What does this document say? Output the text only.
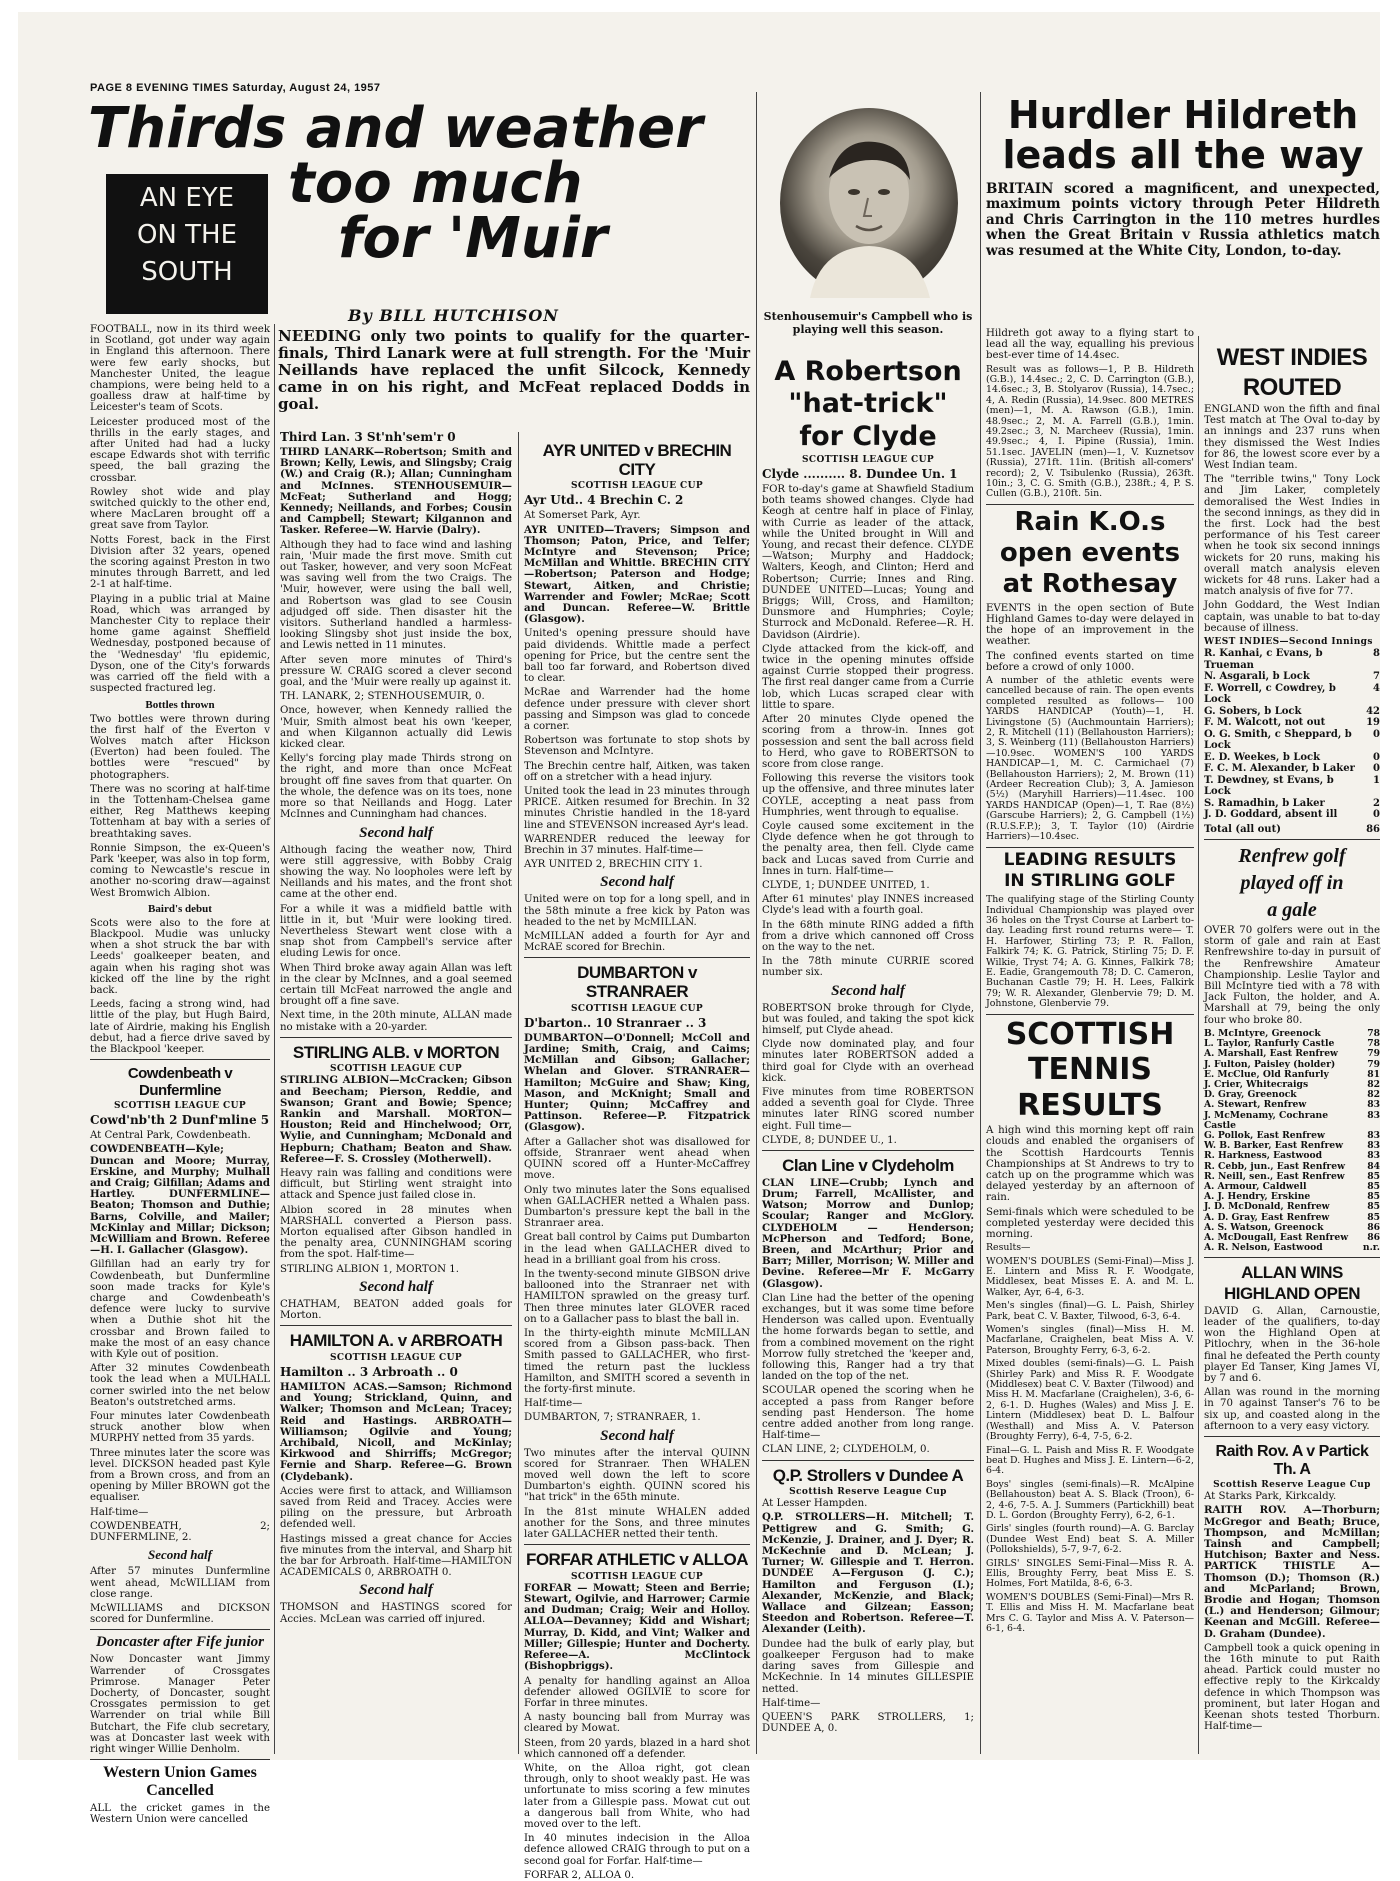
PAGE 8 EVENING TIMES Saturday, August 24, 1957
Thirds and weather
too much
for 'Muir
AN EYE
ON THE
SOUTH
By BILL HUTCHISON

NEEDING only two points to qualify for the quarter-finals, Third Lanark were at full strength. For the 'Muir Neillands have replaced the unfit Silcock, Kennedy came in on his right, and McFeat replaced Dodds in goal.

FOOTBALL, now in its third week in Scotland, got under way again in England this afternoon. There were few early shocks, but Manchester United, the league champions, were being held to a goalless draw at half-time by Leicester's team of Scots.

Leicester produced most of the thrills in the early stages, and after United had had a lucky escape Edwards shot with terrific speed, the ball grazing the crossbar.

Rowley shot wide and play switched quickly to the other end, where MacLaren brought off a great save from Taylor.

Notts Forest, back in the First Division after 32 years, opened the scoring against Preston in two minutes through Barrett, and led 2-1 at half-time.

Playing in a public trial at Maine Road, which was arranged by Manchester City to replace their home game against Sheffield Wednesday, postponed because of the 'Wednesday' 'flu epidemic, Dyson, one of the City's forwards was carried off the field with a suspected fractured leg.

Bottles thrown

Two bottles were thrown during the first half of the Everton v Wolves match after Hickson (Everton) had been fouled. The bottles were "rescued" by photographers.

There was no scoring at half-time in the Tottenham-Chelsea game either, Reg Matthews keeping Tottenham at bay with a series of breathtaking saves.

Ronnie Simpson, the ex-Queen's Park 'keeper, was also in top form, coming to Newcastle's rescue in another no-scoring draw—against West Bromwich Albion.

Baird's debut

Scots were also to the fore at Blackpool. Mudie was unlucky when a shot struck the bar with Leeds' goalkeeper beaten, and again when his raging shot was kicked off the line by the right back.

Leeds, facing a strong wind, had little of the play, but Hugh Baird, late of Airdrie, making his English debut, had a fierce drive saved by the Blackpool 'keeper.

Cowdenbeath v Dunfermline
SCOTTISH LEAGUE CUP
Cowd'nb'th 2 Dunf'mline 5

At Central Park, Cowdenbeath.

COWDENBEATH—Kyle; Duncan and Moore; Murray, Erskine, and Murphy; Mulhall and Craig; Gilfillan; Adams and Hartley. DUNFERMLINE—Beaton; Thomson and Duthie; Barns, Colville, and Mailer; McKinlay and Millar; Dickson; McWilliam and Brown. Referee—H. I. Gallacher (Glasgow).

Gilfillan had an early try for Cowdenbeath, but Dunfermline soon made tracks for Kyle's charge and Cowdenbeath's defence were lucky to survive when a Duthie shot hit the crossbar and Brown failed to make the most of an easy chance with Kyle out of position.

After 32 minutes Cowdenbeath took the lead when a MULHALL corner swirled into the net below Beaton's outstretched arms.

Four minutes later Cowdenbeath struck another blow when MURPHY netted from 35 yards.

Three minutes later the score was level. DICKSON headed past Kyle from a Brown cross, and from an opening by Miller BROWN got the equaliser.

Half-time—

COWDENBEATH, 2; DUNFERMLINE, 2.

Second half

After 57 minutes Dunfermline went ahead, McWILLIAM from close range.

McWILLIAMS and DICKSON scored for Dunfermline.

Doncaster after Fife junior

Now Doncaster want Jimmy Warrender of Crossgates Primrose. Manager Peter Docherty, of Doncaster, sought Crossgates permission to get Warrender on trial while Bill Butchart, the Fife club secretary, was at Doncaster last week with right winger Willie Denholm.

Western Union Games Cancelled

ALL the cricket games in the Western Union were cancelled

Third Lan. 3 St'nh'sem'r 0

THIRD LANARK—Robertson; Smith and Brown; Kelly, Lewis, and Slingsby; Craig (W.) and Craig (R.); Allan; Cunningham and McInnes. STENHOUSEMUIR—McFeat; Sutherland and Hogg; Kennedy; Neillands, and Forbes; Cousin and Campbell; Stewart; Kilgannon and Tasker. Referee—W. Harvie (Dalry).

Although they had to face wind and lashing rain, 'Muir made the first move. Smith cut out Tasker, however, and very soon McFeat was saving well from the two Craigs. The 'Muir, however, were using the ball well, and Robertson was glad to see Cousin adjudged off side. Then disaster hit the visitors. Sutherland handled a harmless-looking Slingsby shot just inside the box, and Lewis netted in 11 minutes.

After seven more minutes of Third's pressure W. CRAIG scored a clever second goal, and the 'Muir were really up against it.

TH. LANARK, 2; STENHOUSEMUIR, 0.

Once, however, when Kennedy rallied the 'Muir, Smith almost beat his own 'keeper, and when Kilgannon actually did Lewis kicked clear.

Kelly's forcing play made Thirds strong on the right, and more than once McFeat brought off fine saves from that quarter. On the whole, the defence was on its toes, none more so that Neillands and Hogg. Later McInnes and Cunningham had chances.

Second half

Although facing the weather now, Third were still aggressive, with Bobby Craig showing the way. No loopholes were left by Neillands and his mates, and the front shot came at the other end.

For a while it was a midfield battle with little in it, but 'Muir were looking tired. Nevertheless Stewart went close with a snap shot from Campbell's service after eluding Lewis for once.

When Third broke away again Allan was left in the clear by McInnes, and a goal seemed certain till McFeat narrowed the angle and brought off a fine save.

Next time, in the 20th minute, ALLAN made no mistake with a 20-yarder.

STIRLING ALB. v MORTON
SCOTTISH LEAGUE CUP

STIRLING ALBION—McCracken; Gibson and Beecham; Pierson, Reddie, and Swanson; Grant and Bowie; Spence; Rankin and Marshall. MORTON—Houston; Reid and Hinchelwood; Orr, Wylie, and Cunningham; McDonald and Hepburn; Chatham; Beaton and Shaw. Referee—F. S. Crossley (Motherwell).

Heavy rain was falling and conditions were difficult, but Stirling went straight into attack and Spence just failed close in.

Albion scored in 28 minutes when MARSHALL converted a Pierson pass. Morton equalised after Gibson handled in the penalty area, CUNNINGHAM scoring from the spot. Half-time—

STIRLING ALBION 1, MORTON 1.

Second half

CHATHAM, BEATON added goals for Morton.

HAMILTON A. v ARBROATH
SCOTTISH LEAGUE CUP
Hamilton .. 3 Arbroath .. 0

HAMILTON ACAS.—Samson; Richmond and Young; Strickland, Quinn, and Walker; Thomson and McLean; Tracey; Reid and Hastings. ARBROATH—Williamson; Ogilvie and Young; Archibald, Nicoll, and McKinlay; Kirkwood and Shirriffs; McGregor; Fernie and Sharp. Referee—G. Brown (Clydebank).

Accies were first to attack, and Williamson saved from Reid and Tracey. Accies were piling on the pressure, but Arbroath defended well.

Hastings missed a great chance for Accies five minutes from the interval, and Sharp hit the bar for Arbroath. Half-time—HAMILTON ACADEMICALS 0, ARBROATH 0.

Second half

THOMSON and HASTINGS scored for Accies. McLean was carried off injured.

AYR UNITED v BRECHIN CITY
SCOTTISH LEAGUE CUP
Ayr Utd.. 4 Brechin C. 2

At Somerset Park, Ayr.

AYR UNITED—Travers; Simpson and Thomson; Paton, Price, and Telfer; McIntyre and Stevenson; Price; McMillan and Whittle. BRECHIN CITY—Robertson; Paterson and Hodge; Stewart, Aitken, and Christie; Warrender and Fowler; McRae; Scott and Duncan. Referee—W. Brittle (Glasgow).

United's opening pressure should have paid dividends. Whittle made a perfect opening for Price, but the centre sent the ball too far forward, and Robertson dived to clear.

McRae and Warrender had the home defence under pressure with clever short passing and Simpson was glad to concede a corner.

Robertson was fortunate to stop shots by Stevenson and McIntyre.

The Brechin centre half, Aitken, was taken off on a stretcher with a head injury.

United took the lead in 23 minutes through PRICE. Aitken resumed for Brechin. In 32 minutes Christie handled in the 18-yard line and STEVENSON increased Ayr's lead.

WARRENDER reduced the leeway for Brechin in 37 minutes. Half-time—

AYR UNITED 2, BRECHIN CITY 1.

Second half

United were on top for a long spell, and in the 58th minute a free kick by Paton was headed to the net by McMILLAN.

McMILLAN added a fourth for Ayr and McRAE scored for Brechin.

DUMBARTON v STRANRAER
SCOTTISH LEAGUE CUP
D'barton.. 10 Stranraer .. 3

DUMBARTON—O'Donnell; McColl and Jardine; Smith, Craig, and Caims; McMillan and Gibson; Gallacher; Whelan and Glover. STRANRAER—Hamilton; McGuire and Shaw; King, Mason, and McKnight; Small and Hunter; Quinn; McCaffrey and Pattinson. Referee—P. Fitzpatrick (Glasgow).

After a Gallacher shot was disallowed for offside, Stranraer went ahead when QUINN scored off a Hunter-McCaffrey move.

Only two minutes later the Sons equalised when GALLACHER netted a Whalen pass. Dumbarton's pressure kept the ball in the Stranraer area.

Great ball control by Caims put Dumbarton in the lead when GALLACHER dived to head in a brilliant goal from his cross.

In the twenty-second minute GIBSON drive ballooned into the Stranraer net with HAMILTON sprawled on the greasy turf. Then three minutes later GLOVER raced on to a Gallacher pass to blast the ball in.

In the thirty-eighth minute McMILLAN scored from a Gibson pass-back. Then Smith passed to GALLACHER, who first-timed the return past the luckless Hamilton, and SMITH scored a seventh in the forty-first minute.

Half-time—

DUMBARTON, 7; STRANRAER, 1.

Second half

Two minutes after the interval QUINN scored for Stranraer. Then WHALEN moved well down the left to score Dumbarton's eighth. QUINN scored his "hat trick" in the 65th minute.

In the 81st minute WHALEN added another for the Sons, and three minutes later GALLACHER netted their tenth.

FORFAR ATHLETIC v ALLOA
SCOTTISH LEAGUE CUP

FORFAR — Mowatt; Steen and Berrie; Stewart, Ogilvie, and Harrower; Carmie and Dudman; Craig; Weir and Holloy. ALLOA—Devanney; Kidd and Wishart; Murray, D. Kidd, and Vint; Walker and Miller; Gillespie; Hunter and Docherty. Referee—A. McClintock (Bishopbriggs).

A penalty for handling against an Alloa defender allowed OGILVIE to score for Forfar in three minutes.

A nasty bouncing ball from Murray was cleared by Mowat.

Steen, from 20 yards, blazed in a hard shot which cannoned off a defender.

White, on the Alloa right, got clean through, only to shoot weakly past. He was unfortunate to miss scoring a few minutes later from a Gillespie pass. Mowat cut out a dangerous ball from White, who had moved over to the left.

In 40 minutes indecision in the Alloa defence allowed CRAIG through to put on a second goal for Forfar. Half-time—

FORFAR 2, ALLOA 0.

Stenhousemuir's Campbell who is playing well this season.
A Robertson
"hat-trick"
for Clyde
SCOTTISH LEAGUE CUP
Clyde .......... 8. Dundee Un. 1

FOR to-day's game at Shawfield Stadium both teams showed changes. Clyde had Keogh at centre half in place of Finlay, with Currie as leader of the attack, while the United brought in Will and Young, and recast their defence. CLYDE—Watson; Murphy and Haddock; Walters, Keogh, and Clinton; Herd and Robertson; Currie; Innes and Ring. DUNDEE UNITED—Lucas; Young and Briggs; Will, Cross, and Hamilton; Dunsmore and Humphries; Coyle; Sturrock and McDonald. Referee—R. H. Davidson (Airdrie).

Clyde attacked from the kick-off, and twice in the opening minutes offside against Currie stopped their progress. The first real danger came from a Currie lob, which Lucas scraped clear with little to spare.

After 20 minutes Clyde opened the scoring from a throw-in. Innes got possession and sent the ball across field to Herd, who gave to ROBERTSON to score from close range.

Following this reverse the visitors took up the offensive, and three minutes later COYLE, accepting a neat pass from Humphries, went through to equalise.

Coyle caused some excitement in the Clyde defence when he got through to the penalty area, then fell. Clyde came back and Lucas saved from Currie and Innes in turn. Half-time—

CLYDE, 1; DUNDEE UNITED, 1.

After 61 minutes' play INNES increased Clyde's lead with a fourth goal.

In the 68th minute RING added a fifth from a drive which cannoned off Cross on the way to the net.

In the 78th minute CURRIE scored number six.

Second half

ROBERTSON broke through for Clyde, but was fouled, and taking the spot kick himself, put Clyde ahead.

Clyde now dominated play, and four minutes later ROBERTSON added a third goal for Clyde with an overhead kick.

Five minutes from time ROBERTSON added a seventh goal for Clyde. Three minutes later RING scored number eight. Full time—

CLYDE, 8; DUNDEE U., 1.

Clan Line v Clydeholm

CLAN LINE—Crubb; Lynch and Drum; Farrell, McAllister, and Watson; Morrow and Dunlop; Scoular; Ranger and McGlory. CLYDEHOLM — Henderson; McPherson and Tedford; Bone, Breen, and McArthur; Prior and Barr; Miller, Morrison; W. Miller and Devine. Referee—Mr F. McGarry (Glasgow).

Clan Line had the better of the opening exchanges, but it was some time before Henderson was called upon. Eventually the home forwards began to settle, and from a combined movement on the right Morrow fully stretched the 'keeper and, following this, Ranger had a try that landed on the top of the net.

SCOULAR opened the scoring when he accepted a pass from Ranger before sending past Henderson. The home centre added another from long range. Half-time—

CLAN LINE, 2; CLYDEHOLM, 0.

Q.P. Strollers v Dundee A
Scottish Reserve League Cup

At Lesser Hampden.

Q.P. STROLLERS—H. Mitchell; T. Pettigrew and G. Smith; G. McKenzie, J. Drainer, and J. Dyer; R. McKechnie and D. McLean; J. Turner; W. Gillespie and T. Herron. DUNDEE A—Ferguson (J. C.); Hamilton and Ferguson (I.); Alexander, McKenzie, and Black; Wallace and Gilzean; Easson; Steedon and Robertson. Referee—T. Alexander (Leith).

Dundee had the bulk of early play, but goalkeeper Ferguson had to make daring saves from Gillespie and McKechnie. In 14 minutes GILLESPIE netted.

Half-time—

QUEEN'S PARK STROLLERS, 1; DUNDEE A, 0.

Hurdler Hildreth
leads all the way

BRITAIN scored a magnificent, and unexpected, maximum points victory through Peter Hildreth and Chris Carrington in the 110 metres hurdles when the Great Britain v Russia athletics match was resumed at the White City, London, to-day.

Hildreth got away to a flying start to lead all the way, equalling his previous best-ever time of 14.4sec.

Result was as follows—1, P. B. Hildreth (G.B.), 14.4sec.; 2, C. D. Carrington (G.B.), 14.6sec.; 3, B. Stolyarov (Russia), 14.7sec.; 4, A. Redin (Russia), 14.9sec. 800 METRES (men)—1, M. A. Rawson (G.B.), 1min. 48.9sec.; 2, M. A. Farrell (G.B.), 1min. 49.2sec.; 3, N. Marcheev (Russia), 1min. 49.9sec.; 4, I. Pipine (Russia), 1min. 51.1sec. JAVELIN (men)—1, V. Kuznetsov (Russia), 271ft. 11in. (British all-comers' record); 2, V. Tsibulenko (Russia), 263ft. 10in.; 3, C. G. Smith (G.B.), 238ft.; 4, P. S. Cullen (G.B.), 210ft. 5in.

Rain K.O.s
open events
at Rothesay

EVENTS in the open section of Bute Highland Games to-day were delayed in the hope of an improvement in the weather.

The confined events started on time before a crowd of only 1000.

A number of the athletic events were cancelled because of rain. The open events completed resulted as follows— 100 YARDS HANDICAP (Youth)—1, H. Livingstone (5) (Auchmountain Harriers); 2, R. Mitchell (11) (Bellahouston Harriers); 3, S. Weinberg (11) (Bellahouston Harriers)—10.9sec. WOMEN'S 100 YARDS HANDICAP—1, M. C. Carmichael (7) (Bellahouston Harriers); 2, M. Brown (11) (Ardeer Recreation Club); 3, A. Jamieson (5½) (Maryhill Harriers)—11.4sec. 100 YARDS HANDICAP (Open)—1, T. Rae (8½) (Garscube Harriers); 2, G. Campbell (1½) (R.U.S.F.P.); 3, T. Taylor (10) (Airdrie Harriers)—10.4sec.

LEADING RESULTS
IN STIRLING GOLF

The qualifying stage of the Stirling County Individual Championship was played over 36 holes on the Tryst Course at Larbert to-day. Leading first round returns were— T. H. Harfower, Stirling 73; P. R. Fallon, Falkirk 74; K. G. Patrick, Stirling 75; D. F. Wilkie, Tryst 74; A. G. Kinnes, Falkirk 78; E. Eadie, Grangemouth 78; D. C. Cameron, Buchanan Castle 79; H. H. Lees, Falkirk 79; W. R. Alexander, Glenbervie 79; D. M. Johnstone, Glenbervie 79.

SCOTTISH
TENNIS
RESULTS

A high wind this morning kept off rain clouds and enabled the organisers of the Scottish Hardcourts Tennis Championships at St Andrews to try to catch up on the programme which was delayed yesterday by an afternoon of rain.

Semi-finals which were scheduled to be completed yesterday were decided this morning.

Results—

WOMEN'S DOUBLES (Semi-Final)—Miss J. E. Lintern and Miss R. F. Woodgate, Middlesex, beat Misses E. A. and M. L. Walker, Ayr, 6-4, 6-3.

Men's singles (final)—G. L. Paish, Shirley Park, beat C. V. Baxter, Tilwood, 6-3, 6-4.

Women's singles (final)—Miss H. M. Macfarlane, Craighelen, beat Miss A. V. Paterson, Broughty Ferry, 6-3, 6-2.

Mixed doubles (semi-finals)—G. L. Paish (Shirley Park) and Miss R. F. Woodgate (Middlesex) beat C. V. Baxter (Tilwood) and Miss H. M. Macfarlane (Craighelen), 3-6, 6-2, 6-1. D. Hughes (Wales) and Miss J. E. Lintern (Middlesex) beat D. L. Balfour (Westhall) and Miss A. V. Paterson (Broughty Ferry), 6-4, 7-5, 6-2.

Final—G. L. Paish and Miss R. F. Woodgate beat D. Hughes and Miss J. E. Lintern—6-2, 6-4.

Boys' singles (semi-finals)—R. McAlpine (Bellahouston) beat A. S. Black (Troon), 6-2, 4-6, 7-5. A. J. Summers (Partickhill) beat D. L. Gordon (Broughty Ferry), 6-2, 6-1.

Girls' singles (fourth round)—A. G. Barclay (Dundee West End) beat S. A. Miller (Pollokshields), 5-7, 9-7, 6-2.

GIRLS' SINGLES Semi-Final—Miss R. A. Ellis, Broughty Ferry, beat Miss E. S. Holmes, Fort Matilda, 8-6, 6-3.

WOMEN'S DOUBLES (Semi-Final)—Mrs R. T. Ellis and Miss H. M. Macfarlane beat Mrs C. G. Taylor and Miss A. V. Paterson—6-1, 6-4.

WEST INDIES
ROUTED

ENGLAND won the fifth and final Test match at The Oval to-day by an innings and 237 runs when they dismissed the West Indies for 86, the lowest score ever by a West Indian team.

The "terrible twins," Tony Lock and Jim Laker, completely demoralised the West Indies in the second innings, as they did in the first. Lock had the best performance of his Test career when he took six second innings wickets for 20 runs, making his overall match analysis eleven wickets for 48 runs. Laker had a match analysis of five for 77.

John Goddard, the West Indian captain, was unable to bat to-day because of illness.

WEST INDIES—Second Innings
R. Kanhai, c Evans, b Trueman
8
N. Asgarali, b Lock	7
F. Worrell, c Cowdrey, b Lock
4
G. Sobers, b Lock	42
F. M. Walcott, not out	19
O. G. Smith, c Sheppard, b Lock
0
E. D. Weekes, b Lock	0
F. C. M. Alexander, b Laker	0
T. Dewdney, st Evans, b Lock
1
S. Ramadhin, b Laker	2
J. D. Goddard, absent ill	0
Total (all out)	86
Renfrew golf
played off in
a gale

OVER 70 golfers were out in the storm of gale and rain at East Renfrewshire to-day in pursuit of the Renfrewshire Amateur Championship. Leslie Taylor and Bill McIntyre tied with a 78 with Jack Fulton, the holder, and A. Marshall at 79, being the only four who broke 80.

B. McIntyre, Greenock	78
L. Taylor, Ranfurly Castle	78
A. Marshall, East Renfrew	79
J. Fulton, Paisley (holder)	79
E. McClue, Old Ranfurly	81
J. Crier, Whitecraigs	82
D. Gray, Greenock	82
A. Stewart, Renfrew	83
J. McMenamy, Cochrane Castle
83
G. Pollok, East Renfrew	83
W. B. Barker, East Renfrew	83
R. Harkness, Eastwood	83
R. Cebb, jun., East Renfrew	84
R. Neill, sen., East Renfrew	85
A. Armour, Caldwell	85
A. J. Hendry, Erskine	85
J. D. McDonald, Renfrew	85
A. D. Gray, East Renfrew	85
A. S. Watson, Greenock	86
A. McDougall, East Renfrew	86
A. R. Nelson, Eastwood	n.r.
ALLAN WINS
HIGHLAND OPEN

DAVID G. Allan, Carnoustie, leader of the qualifiers, to-day won the Highland Open at Pitlochry, when in the 36-hole final he defeated the Perth county player Ed Tanser, King James VI, by 7 and 6.

Allan was round in the morning in 70 against Tanser's 76 to be six up, and coasted along in the afternoon to a very easy victory.

Raith Rov. A v Partick Th. A
Scottish Reserve League Cup

At Starks Park, Kirkcaldy.

RAITH ROV. A—Thorburn; McGregor and Beath; Bruce, Thompson, and McMillan; Tainsh and Campbell; Hutchison; Baxter and Ness. PARTICK THISTLE A—Thomson (D.); Thomson (R.) and McParland; Brown, Brodie and Hogan; Thomson (L.) and Henderson; Gilmour; Keenan and McGill. Referee—D. Graham (Dundee).

Campbell took a quick opening in the 16th minute to put Raith ahead. Partick could muster no effective reply to the Kirkcaldy defence in which Thompson was prominent, but later Hogan and Keenan shots tested Thorburn. Half-time—
